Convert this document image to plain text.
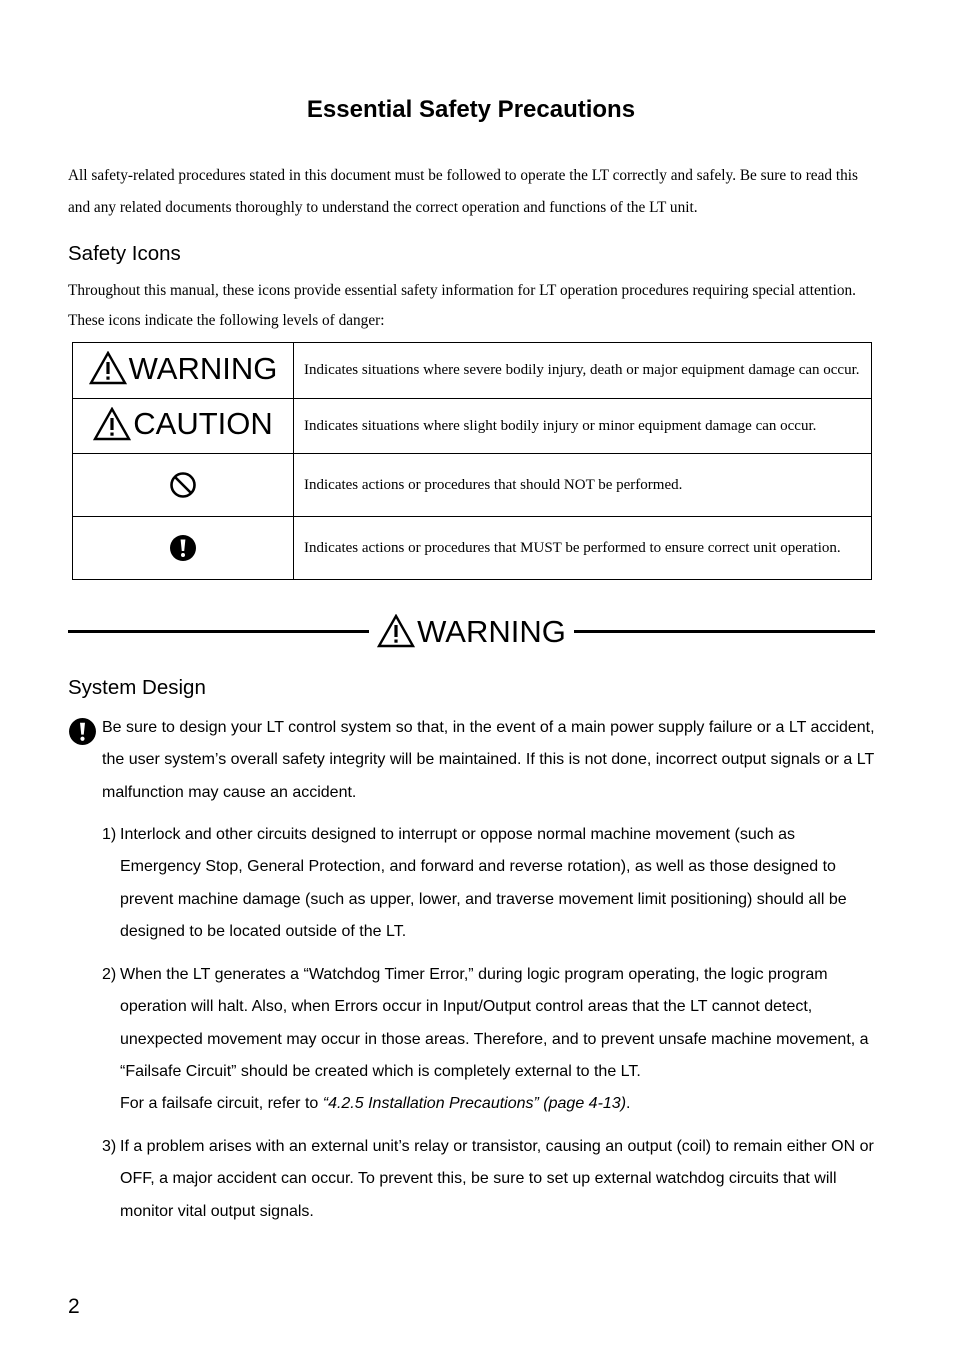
Essential Safety Precautions
All safety-related procedures stated in this document must be followed to operate the LT correctly and safely. Be sure to read this and any related documents thoroughly to understand the correct operation and functions of the LT unit.
Safety Icons
Throughout this manual, these icons provide essential safety information for LT operation procedures requiring special attention. These icons indicate the following levels of danger:
WARNING	Indicates situations where severe bodily injury, death or major equipment damage can occur.

CAUTION	Indicates situations where slight bodily injury or minor equipment damage can occur.
	Indicates actions or procedures that should NOT be performed.
	Indicates actions or procedures that MUST be performed to ensure correct unit operation.
WARNING
System Design
Be sure to design your LT control system so that, in the event of a main power supply failure or a LT accident, the user system’s overall safety integrity will be maintained. If this is not done, incorrect output signals or a LT malfunction may cause an accident.
1) Interlock and other circuits designed to interrupt or oppose normal machine movement (such as Emergency Stop, General Protection, and forward and reverse rotation), as well as those designed to prevent machine damage (such as upper, lower, and traverse movement limit positioning) should all be designed to be located outside of the LT.
2) When the LT generates a “Watchdog Timer Error,” during logic program operating, the logic program operation will halt. Also, when Errors occur in Input/Output control areas that the LT cannot detect, unexpected movement may occur in those areas. Therefore, and to prevent unsafe machine movement, a “Failsafe Circuit” should be created which is completely external to the LT.
For a failsafe circuit, refer to “4.2.5 Installation Precautions” (page 4-13).
3) If a problem arises with an external unit’s relay or transistor, causing an output (coil) to remain either ON or OFF, a major accident can occur. To prevent this, be sure to set up external watchdog circuits that will monitor vital output signals.
2
